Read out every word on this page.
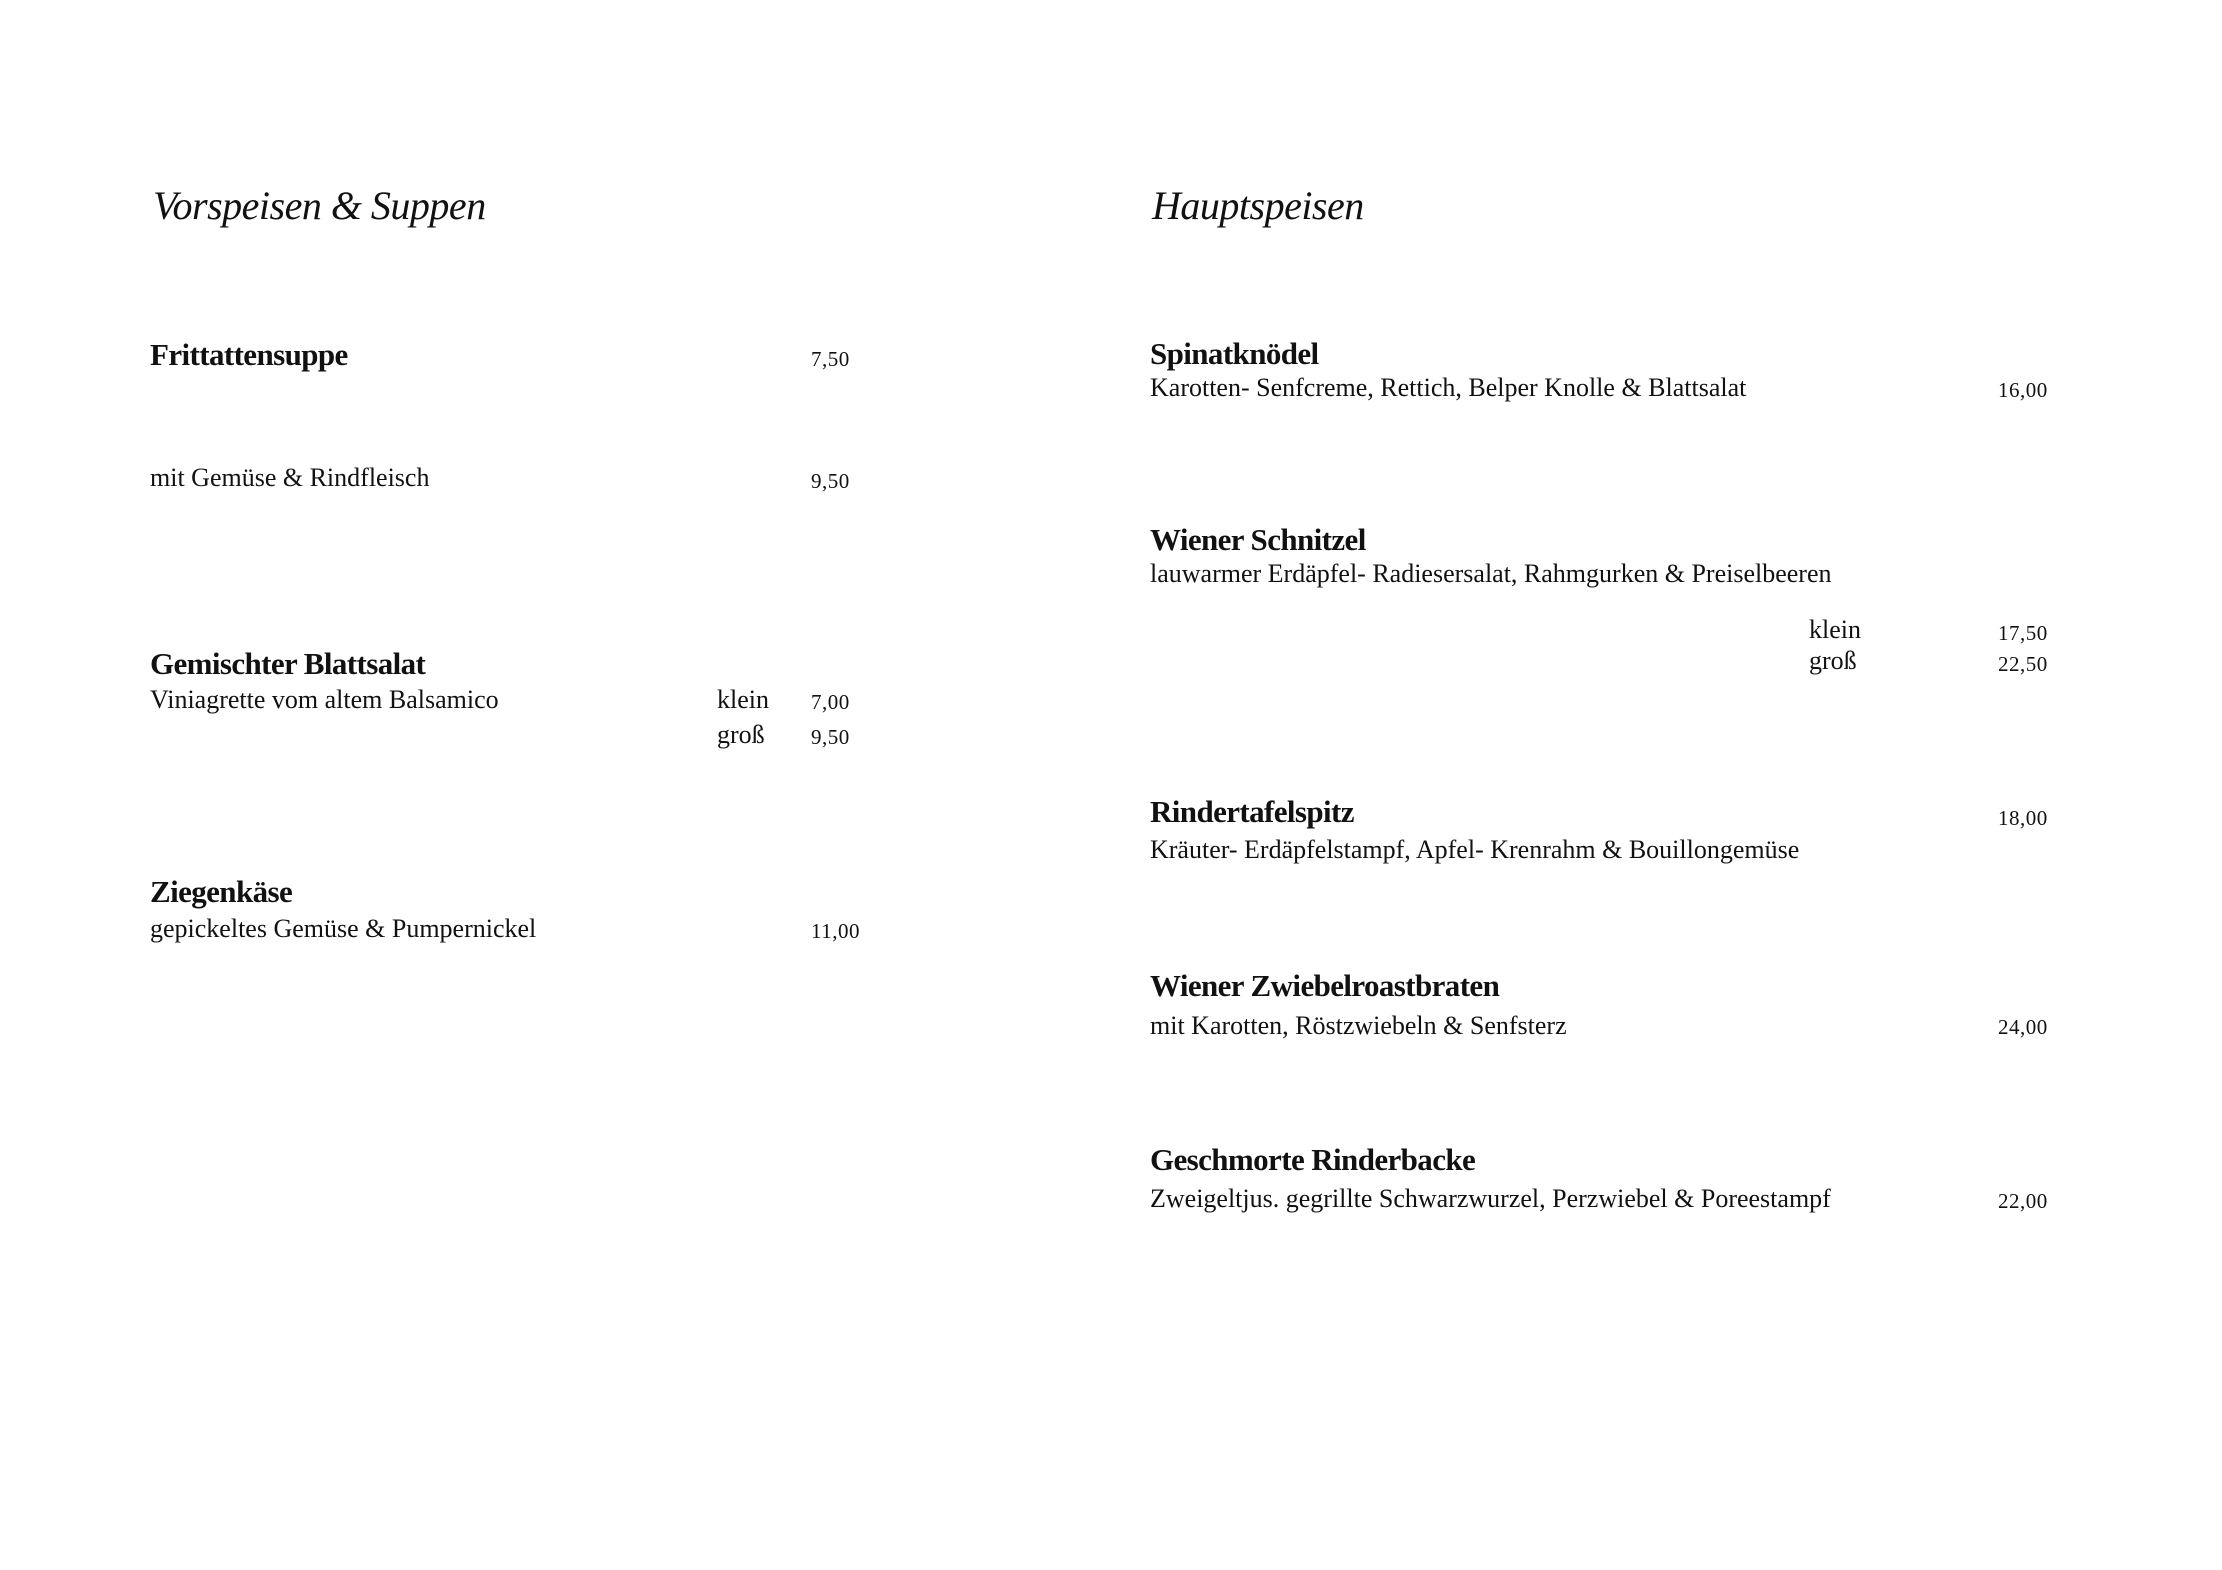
Vorspeisen & Suppen
Frittattensuppe	7,50
mit Gemüse & Rindfleisch	9,50
Gemischter Blattsalat
Viniagrette vom altem Balsamico	klein 7,00
groß 9,50
Ziegenkäse
gepickeltes Gemüse & Pumpernickel	11,00
Hauptspeisen
Spinatknödel
Karotten- Senfcreme, Rettich, Belper Knolle & Blattsalat	16,00
Wiener Schnitzel
lauwarmer Erdäpfel- Radiesersalat, Rahmgurken & Preiselbeeren
klein	17,50
groß	22,50
Rindertafelspitz	18,00
Kräuter- Erdäpfelstampf, Apfel- Krenrahm & Bouillongemüse
Wiener Zwiebelroastbraten
mit Karotten, Röstzwiebeln & Senfsterz	24,00
Geschmorte Rinderbacke
Zweigeltjus. gegrillte Schwarzwurzel, Perzwiebel & Poreestampf	22,00
